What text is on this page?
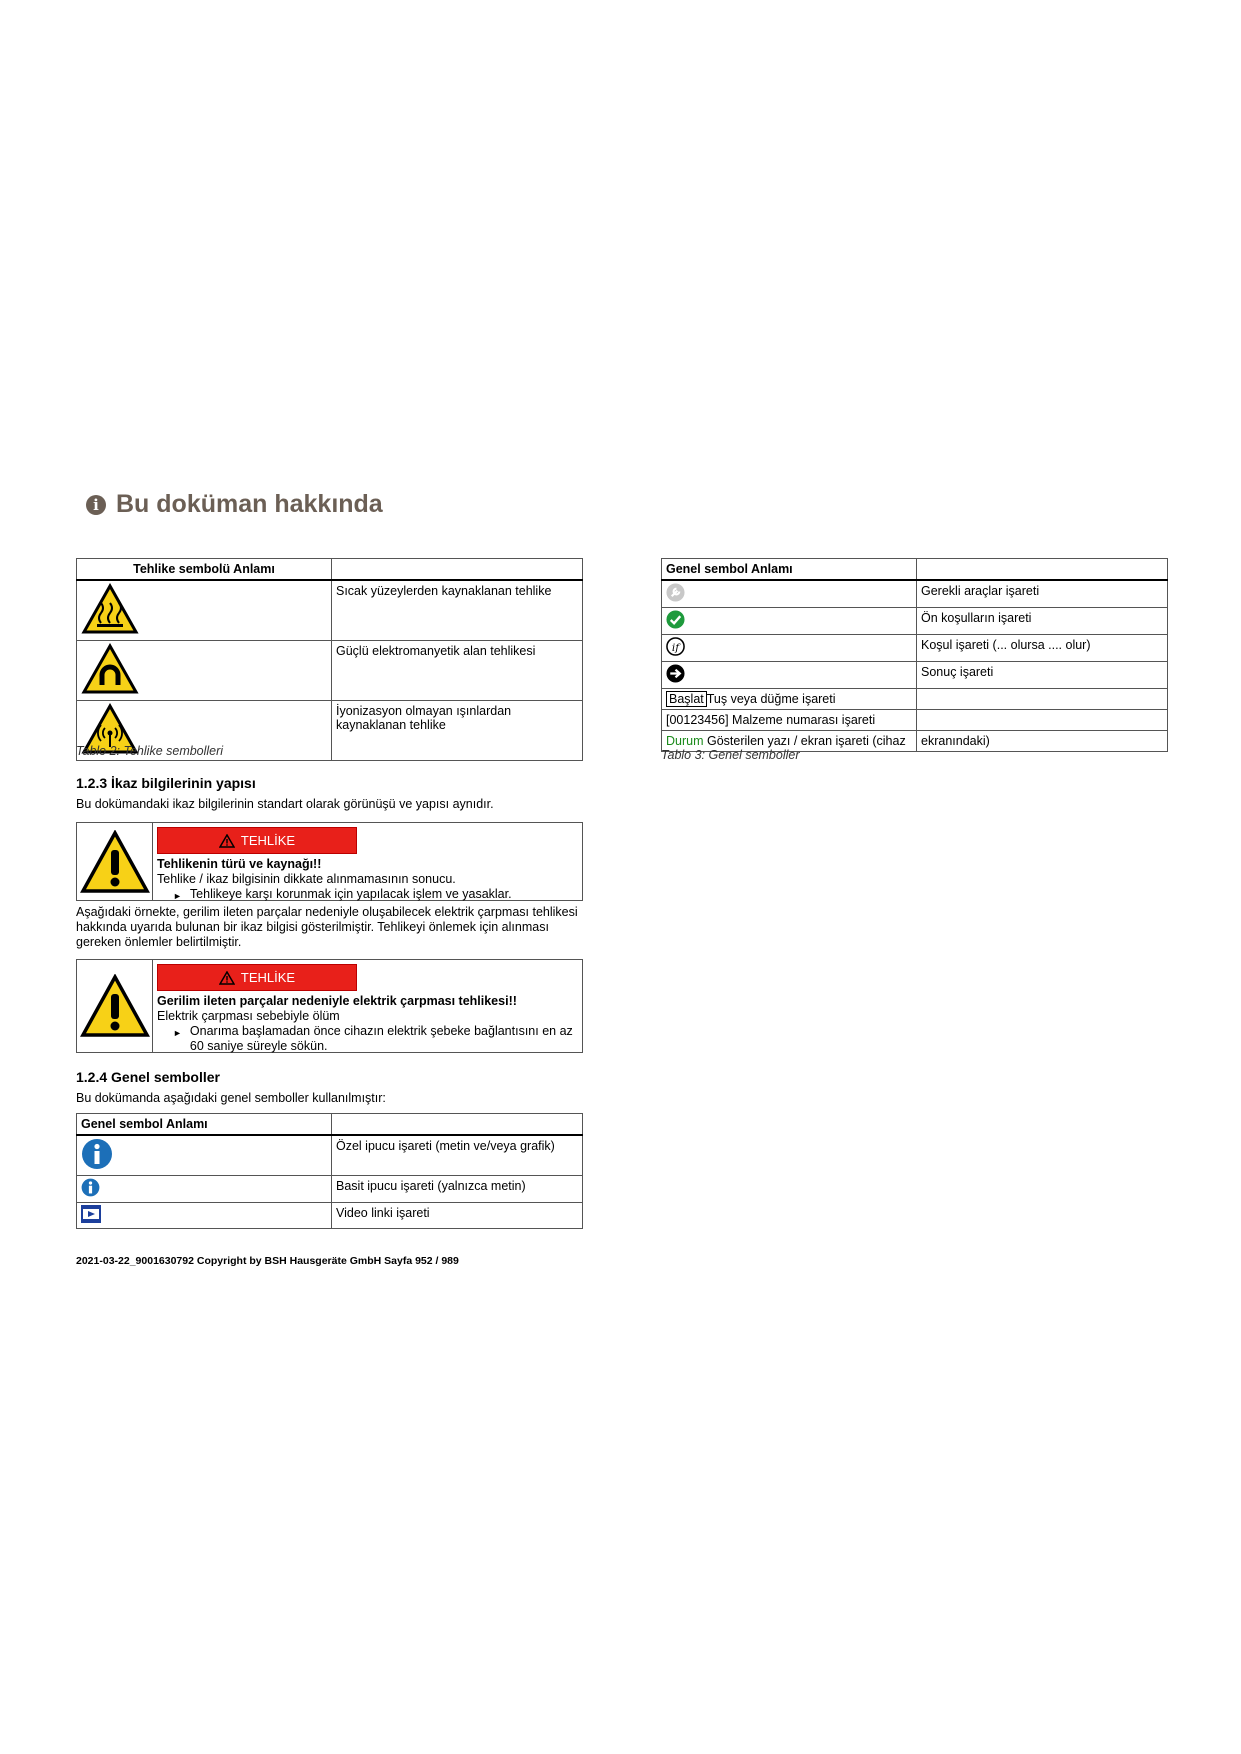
i Bu doküman hakkında
Tehlike sembolü Anlamı	
	Sıcak yüzeylerden kaynaklanan tehlike
	Güçlü elektromanyetik alan tehlikesi
	İyonizasyon olmayan ışınlardan kaynaklanan tehlike
Tablo 2: Tehlike sembolleri
1.2.3 İkaz bilgilerinin yapısı
Bu dokümandaki ikaz bilgilerinin standart olarak görünüşü ve yapısı aynıdır.
TEHLİKE
Tehlikenin türü ve kaynağı!!
Tehlike / ikaz bilgisinin dikkate alınmamasının sonucu.
► Tehlikeye karşı korunmak için yapılacak işlem ve yasaklar.
Aşağıdaki örnekte, gerilim ileten parçalar nedeniyle oluşabilecek elektrik çarpması tehlikesi hakkında uyarıda bulunan bir ikaz bilgisi gösterilmiştir. Tehlikeyi önlemek için alınması gereken önlemler belirtilmiştir.
TEHLİKE
Gerilim ileten parçalar nedeniyle elektrik çarpması tehlikesi!!
Elektrik çarpması sebebiyle ölüm
► Onarıma başlamadan önce cihazın elektrik şebeke bağlantısını en az 60 saniye süreyle sökün.
1.2.4 Genel semboller
Bu dokümanda aşağıdaki genel semboller kullanılmıştır:
Genel sembol Anlamı	
	Özel ipucu işareti (metin ve/veya grafik)
	Basit ipucu işareti (yalnızca metin)
	Video linki işareti
Genel sembol Anlamı	
	Gerekli araçlar işareti
	Ön koşulların işareti

if	Koşul işareti (... olursa .... olur)
	Sonuç işareti
Başlat Tuş veya düğme işareti	
[00123456] Malzeme numarası işareti	
Durum Gösterilen yazı / ekran işareti (cihaz	ekranındaki)
Tablo 3: Genel semboller
2021-03-22_9001630792 Copyright by BSH Hausgeräte GmbH Sayfa 952 / 989
